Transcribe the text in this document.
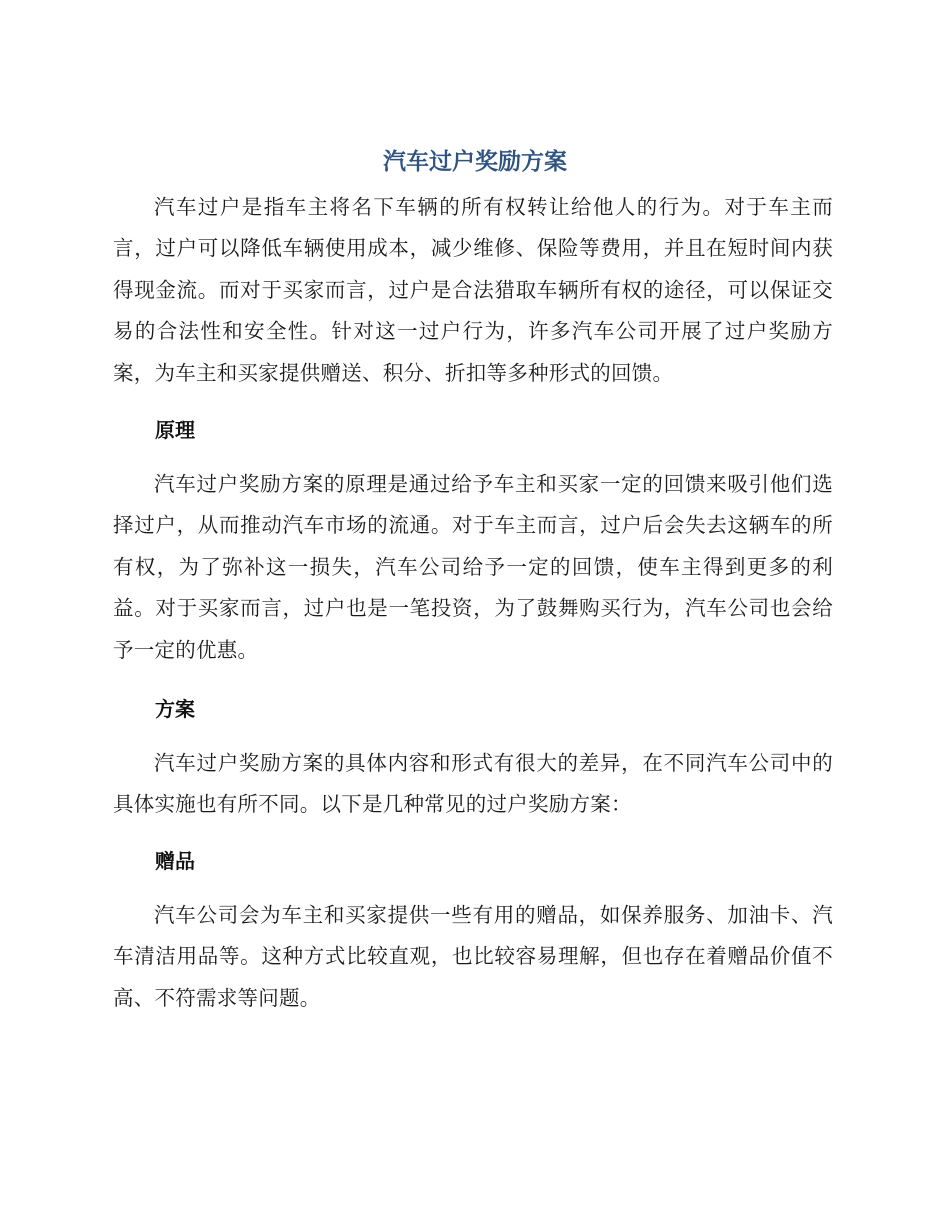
汽车过户奖励方案

汽车过户是指车主将名下车辆的所有权转让给他人的行为。对于车主而言，过户可以降低车辆使用成本，减少维修、保险等费用，并且在短时间内获得现金流。而对于买家而言，过户是合法猎取车辆所有权的途径，可以保证交易的合法性和安全性。针对这一过户行为，许多汽车公司开展了过户奖励方案，为车主和买家提供赠送、积分、折扣等多种形式的回馈。

原理

汽车过户奖励方案的原理是通过给予车主和买家一定的回馈来吸引他们选择过户，从而推动汽车市场的流通。对于车主而言，过户后会失去这辆车的所有权，为了弥补这一损失，汽车公司给予一定的回馈，使车主得到更多的利益。对于买家而言，过户也是一笔投资，为了鼓舞购买行为，汽车公司也会给予一定的优惠。

方案

汽车过户奖励方案的具体内容和形式有很大的差异，在不同汽车公司中的具体实施也有所不同。以下是几种常见的过户奖励方案：

赠品

汽车公司会为车主和买家提供一些有用的赠品，如保养服务、加油卡、汽车清洁用品等。这种方式比较直观，也比较容易理解，但也存在着赠品价值不高、不符需求等问题。
